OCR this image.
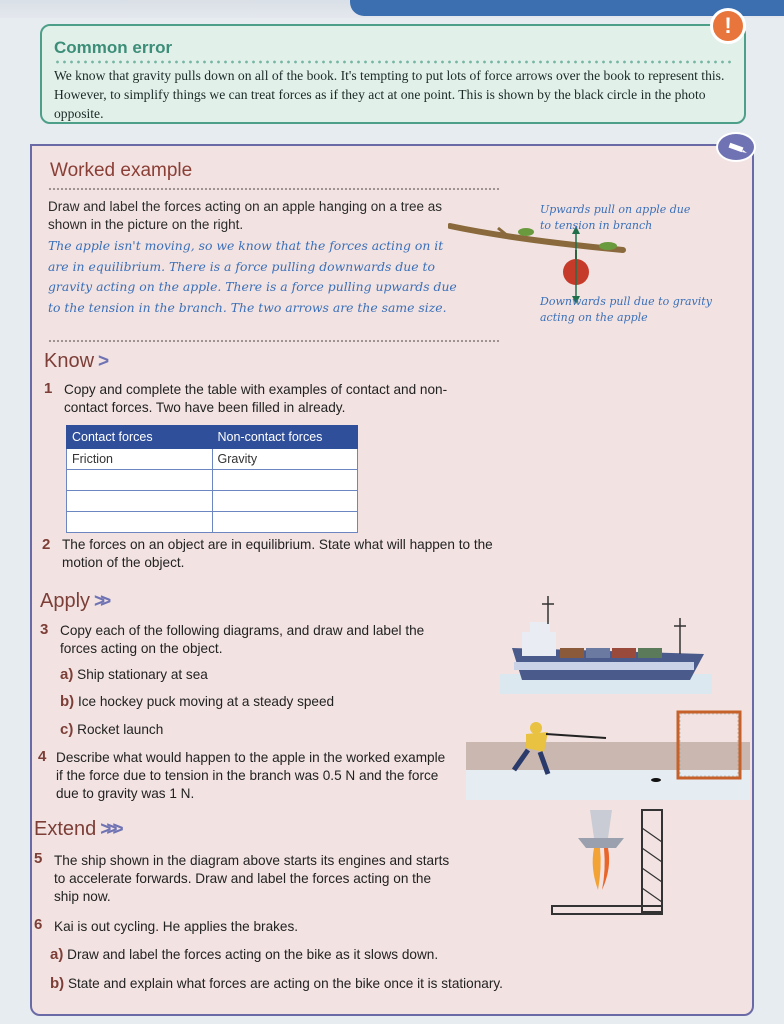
Common error
We know that gravity pulls down on all of the book. It's tempting to put lots of force arrows over the book to represent this. However, to simplify things we can treat forces as if they act at one point. This is shown by the black circle in the photo opposite.
!
Worked example
Draw and label the forces acting on an apple hanging on a tree as shown in the picture on the right.
The apple isn't moving, so we know that the forces acting on it are in equilibrium. There is a force pulling downwards due to gravity acting on the apple. There is a force pulling upwards due to the tension in the branch. The two arrows are the same size.
Upwards pull on apple due to tension in branch
Downwards pull due to gravity acting on the apple
Know >
1 Copy and complete the table with examples of contact and non-contact forces. Two have been filled in already.
Contact forces	Non-contact forces
Friction	Gravity

2 The forces on an object are in equilibrium. State what will happen to the motion of the object.
Apply >>
3 Copy each of the following diagrams, and draw and label the forces acting on the object.
a) Ship stationary at sea
b) Ice hockey puck moving at a steady speed
c) Rocket launch
4 Describe what would happen to the apple in the worked example if the force due to tension in the branch was 0.5 N and the force due to gravity was 1 N.
Extend >>>
5 The ship shown in the diagram above starts its engines and starts to accelerate forwards. Draw and label the forces acting on the ship now.
6 Kai is out cycling. He applies the brakes.
a) Draw and label the forces acting on the bike as it slows down.
b) State and explain what forces are acting on the bike once it is stationary.
